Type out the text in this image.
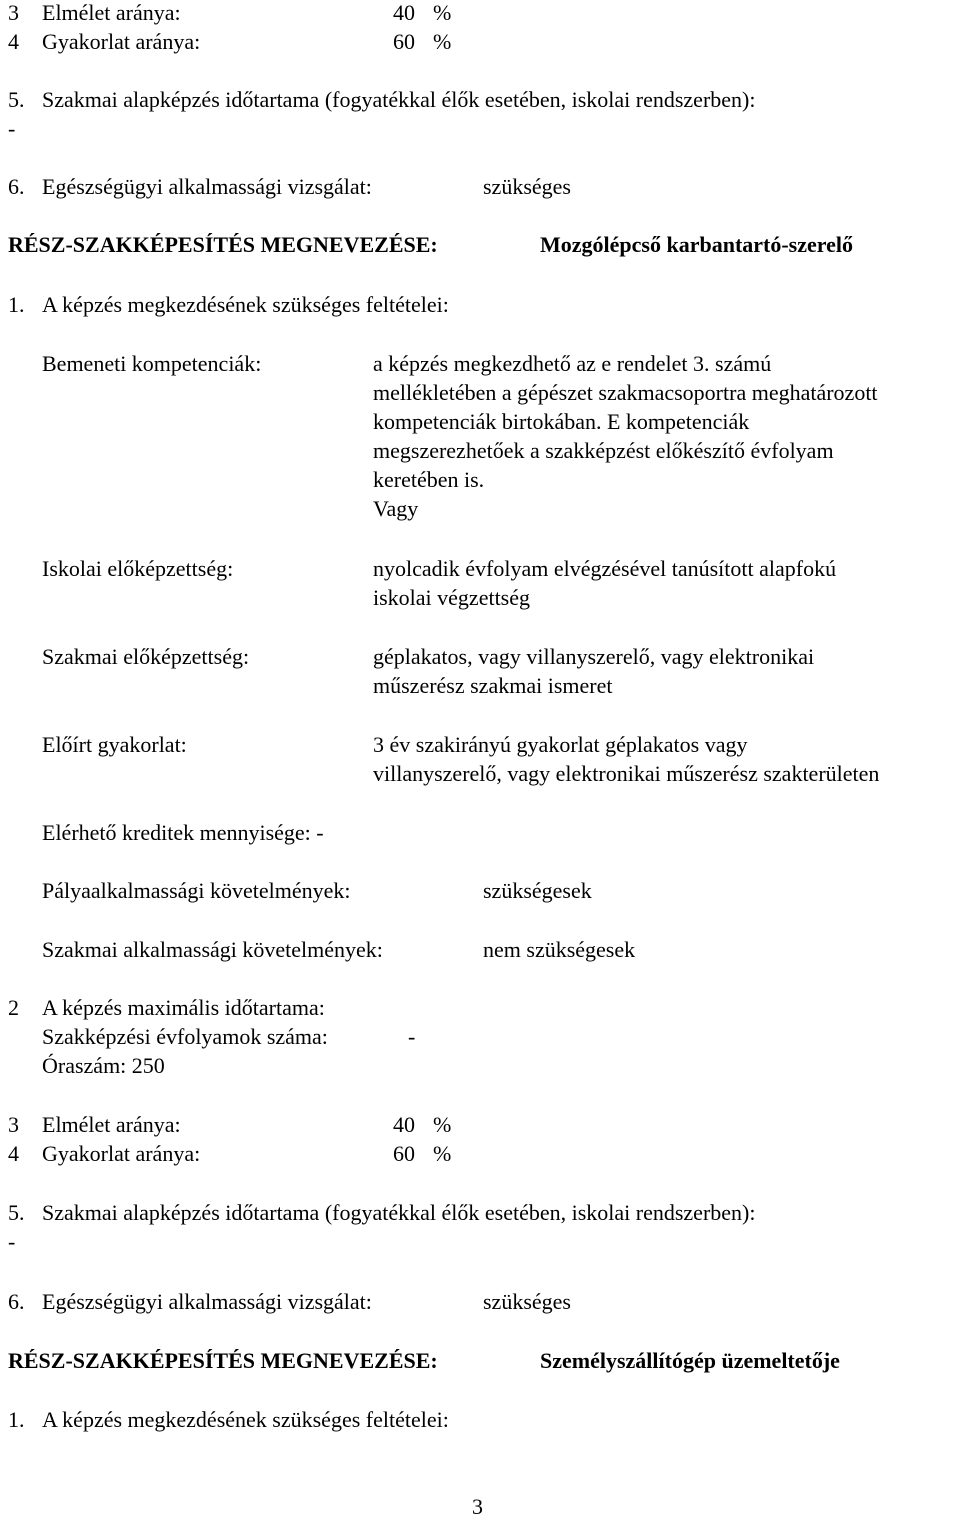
3 Elmélet aránya:	40 %
4 Gyakorlat aránya:	60 %
5. Szakmai alapképzés időtartama (fogyatékkal élők esetében, iskolai rendszerben):
-
6. Egészségügyi alkalmassági vizsgálat:	szükséges
RÉSZ-SZAKKÉPESÍTÉS MEGNEVEZÉSE:	Mozgólépcső karbantartó-szerelő
1. A képzés megkezdésének szükséges feltételei:
Bemeneti kompetenciák:	a képzés megkezdhető az e rendelet 3. számú
mellékletében a gépészet szakmacsoportra meghatározott
kompetenciák birtokában. E kompetenciák
megszerezhetőek a szakképzést előkészítő évfolyam
keretében is.
Vagy
Iskolai előképzettség:	nyolcadik évfolyam elvégzésével tanúsított alapfokú
iskolai végzettség
Szakmai előképzettség:	géplakatos, vagy villanyszerelő, vagy elektronikai
műszerész szakmai ismeret
Előírt gyakorlat:	3 év szakirányú gyakorlat géplakatos vagy
villanyszerelő, vagy elektronikai műszerész szakterületen
Elérhető kreditek mennyisége: -
Pályaalkalmassági követelmények:	szükségesek
Szakmai alkalmassági követelmények:	nem szükségesek
2 A képzés maximális időtartama:
Szakképzési évfolyamok száma:	-
Óraszám: 250
3 Elmélet aránya:	40 %
4 Gyakorlat aránya:	60 %
5. Szakmai alapképzés időtartama (fogyatékkal élők esetében, iskolai rendszerben):
-
6. Egészségügyi alkalmassági vizsgálat:	szükséges
RÉSZ-SZAKKÉPESÍTÉS MEGNEVEZÉSE:	Személyszállítógép üzemeltetője
1. A képzés megkezdésének szükséges feltételei:
3
